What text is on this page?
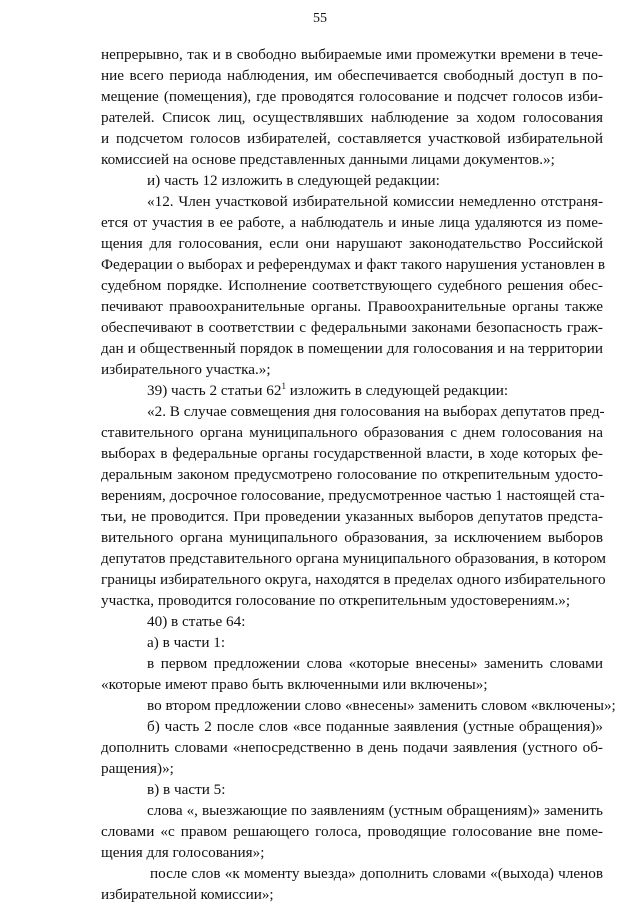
55
непрерывно, так и в свободно выбираемые ими промежутки времени в тече-
ние всего периода наблюдения, им обеспечивается свободный доступ в по-
мещение (помещения), где проводятся голосование и подсчет голосов изби-
рателей. Список лиц, осуществлявших наблюдение за ходом голосования
и подсчетом голосов избирателей, составляется участковой избирательной
комиссией на основе представленных данными лицами документов.»;
и) часть 12 изложить в следующей редакции:
«12. Член участковой избирательной комиссии немедленно отстраня-
ется от участия в ее работе, а наблюдатель и иные лица удаляются из поме-
щения для голосования, если они нарушают законодательство Российской
Федерации о выборах и референдумах и факт такого нарушения установлен в
судебном порядке. Исполнение соответствующего судебного решения обес-
печивают правоохранительные органы. Правоохранительные органы также
обеспечивают в соответствии с федеральными законами безопасность граж-
дан и общественный порядок в помещении для голосования и на территории
избирательного участка.»;
39) часть 2 статьи $62^1$ изложить в следующей редакции:
«2. В случае совмещения дня голосования на выборах депутатов пред-
ставительного органа муниципального образования с днем голосования на
выборах в федеральные органы государственной власти, в ходе которых фе-
деральным законом предусмотрено голосование по открепительным удосто-
верениям, досрочное голосование, предусмотренное частью 1 настоящей ста-
тьи, не проводится. При проведении указанных выборов депутатов предста-
вительного органа муниципального образования, за исключением выборов
депутатов представительного органа муниципального образования, в котором
границы избирательного округа, находятся в пределах одного избирательного
участка, проводится голосование по открепительным удостоверениям.»;
40) в статье 64:
а) в части 1:
в первом предложении слова «которые внесены» заменить словами
«которые имеют право быть включенными или включены»;
во втором предложении слово «внесены» заменить словом «включены»;
б) часть 2 после слов «все поданные заявления (устные обращения)»
дополнить словами «непосредственно в день подачи заявления (устного об-
ращения)»;
в) в части 5:
слова «, выезжающие по заявлениям (устным обращениям)» заменить
словами «с правом решающего голоса, проводящие голосование вне поме-
щения для голосования»;
после слов «к моменту выезда» дополнить словами «(выхода) членов
избирательной комиссии»;
